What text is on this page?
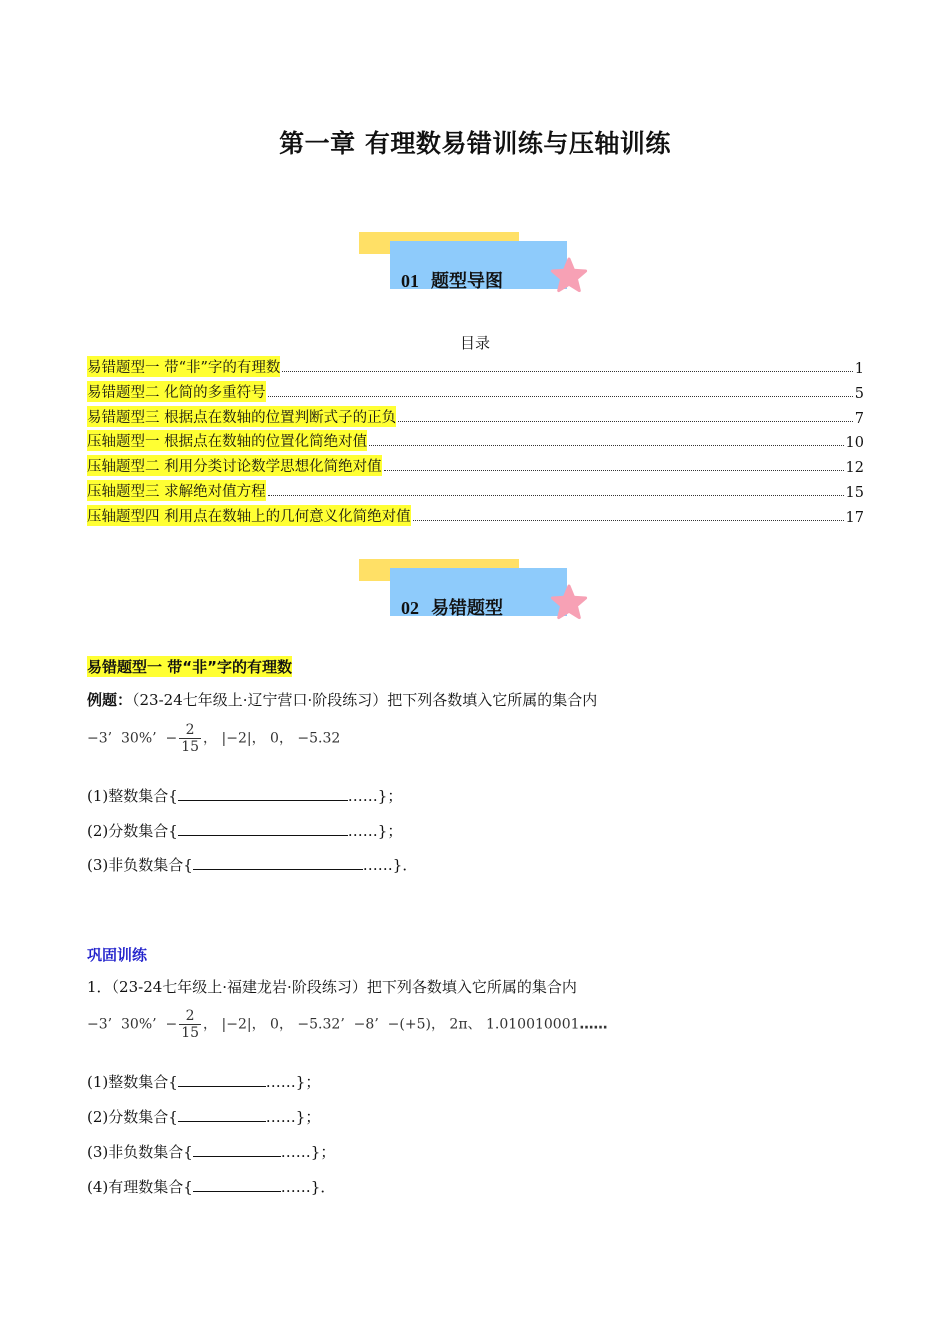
第一章 有理数易错训练与压轴训练
01 题型导图
目录
易错题型一 带“非”字的有理数	1
易错题型二 化简的多重符号	5
易错题型三 根据点在数轴的位置判断式子的正负	7
压轴题型一 根据点在数轴的位置化简绝对值	10
压轴题型二 利用分类讨论数学思想化简绝对值	12
压轴题型三 求解绝对值方程	15
压轴题型四 利用点在数轴上的几何意义化简绝对值	17
02 易错题型
易错题型一 带“非”字的有理数
例题：（23-24七年级上·辽宁营口·阶段练习）把下列各数填入它所属的集合内
−3’  30%’  − $\frac{2}{15}$ ， |−2|， 0， −5.32
(1)整数集合{	……}；
(2)分数集合{	……}；
(3)非负数集合{	……}．
巩固训练
1．（23-24七年级上·福建龙岩·阶段练习）把下列各数填入它所属的集合内
−3’  30%’  − $\frac{2}{15}$ ， |−2|， 0， −5.32’  −8’  −(+5)， 2π、 1.010010001……
(1)整数集合{	……}；
(2)分数集合{	……}；
(3)非负数集合{	……}；
(4)有理数集合{	……}．
